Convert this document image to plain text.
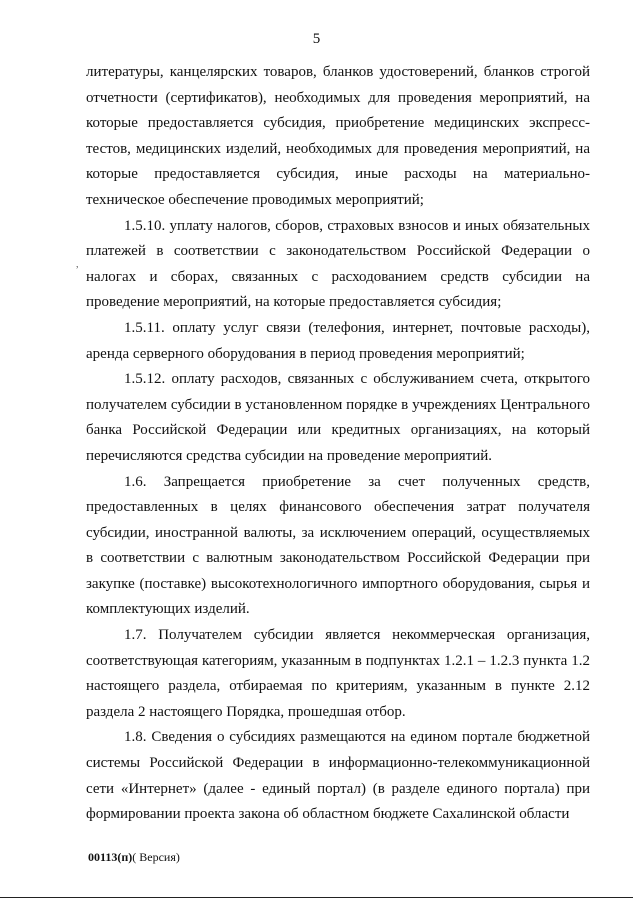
5
,

литературы, канцелярских товаров, бланков удостоверений, бланков строгой отчетности (сертификатов), необходимых для проведения мероприятий, на которые предоставляется субсидия, приобретение медицинских экспресс-тестов, медицинских изделий, необходимых для проведения мероприятий, на которые предоставляется субсидия, иные расходы на материально-техническое обеспечение проводимых мероприятий;

1.5.10. уплату налогов, сборов, страховых взносов и иных обязательных платежей в соответствии с законодательством Российской Федерации о налогах и сборах, связанных с расходованием средств субсидии на проведение мероприятий, на которые предоставляется субсидия;

1.5.11. оплату услуг связи (телефония, интернет, почтовые расходы), аренда серверного оборудования в период проведения мероприятий;

1.5.12. оплату расходов, связанных с обслуживанием счета, открытого получателем субсидии в установленном порядке в учреждениях Центрального банка Российской Федерации или кредитных организациях, на который перечисляются средства субсидии на проведение мероприятий.

1.6. Запрещается приобретение за счет полученных средств, предоставленных в целях финансового обеспечения затрат получателя субсидии, иностранной валюты, за исключением операций, осуществляемых в соответствии с валютным законодательством Российской Федерации при закупке (поставке) высокотехнологичного импортного оборудования, сырья и комплектующих изделий.

1.7. Получателем субсидии является некоммерческая организация, соответствующая категориям, указанным в подпунктах 1.2.1 – 1.2.3 пункта 1.2 настоящего раздела, отбираемая по критериям, указанным в пункте 2.12 раздела 2 настоящего Порядка, прошедшая отбор.

1.8. Сведения о субсидиях размещаются на едином портале бюджетной системы Российской Федерации в информационно-телекоммуникационной сети «Интернет» (далее - единый портал) (в разделе единого портала) при формировании проекта закона об областном бюджете Сахалинской области

00113(п)( Версия)
